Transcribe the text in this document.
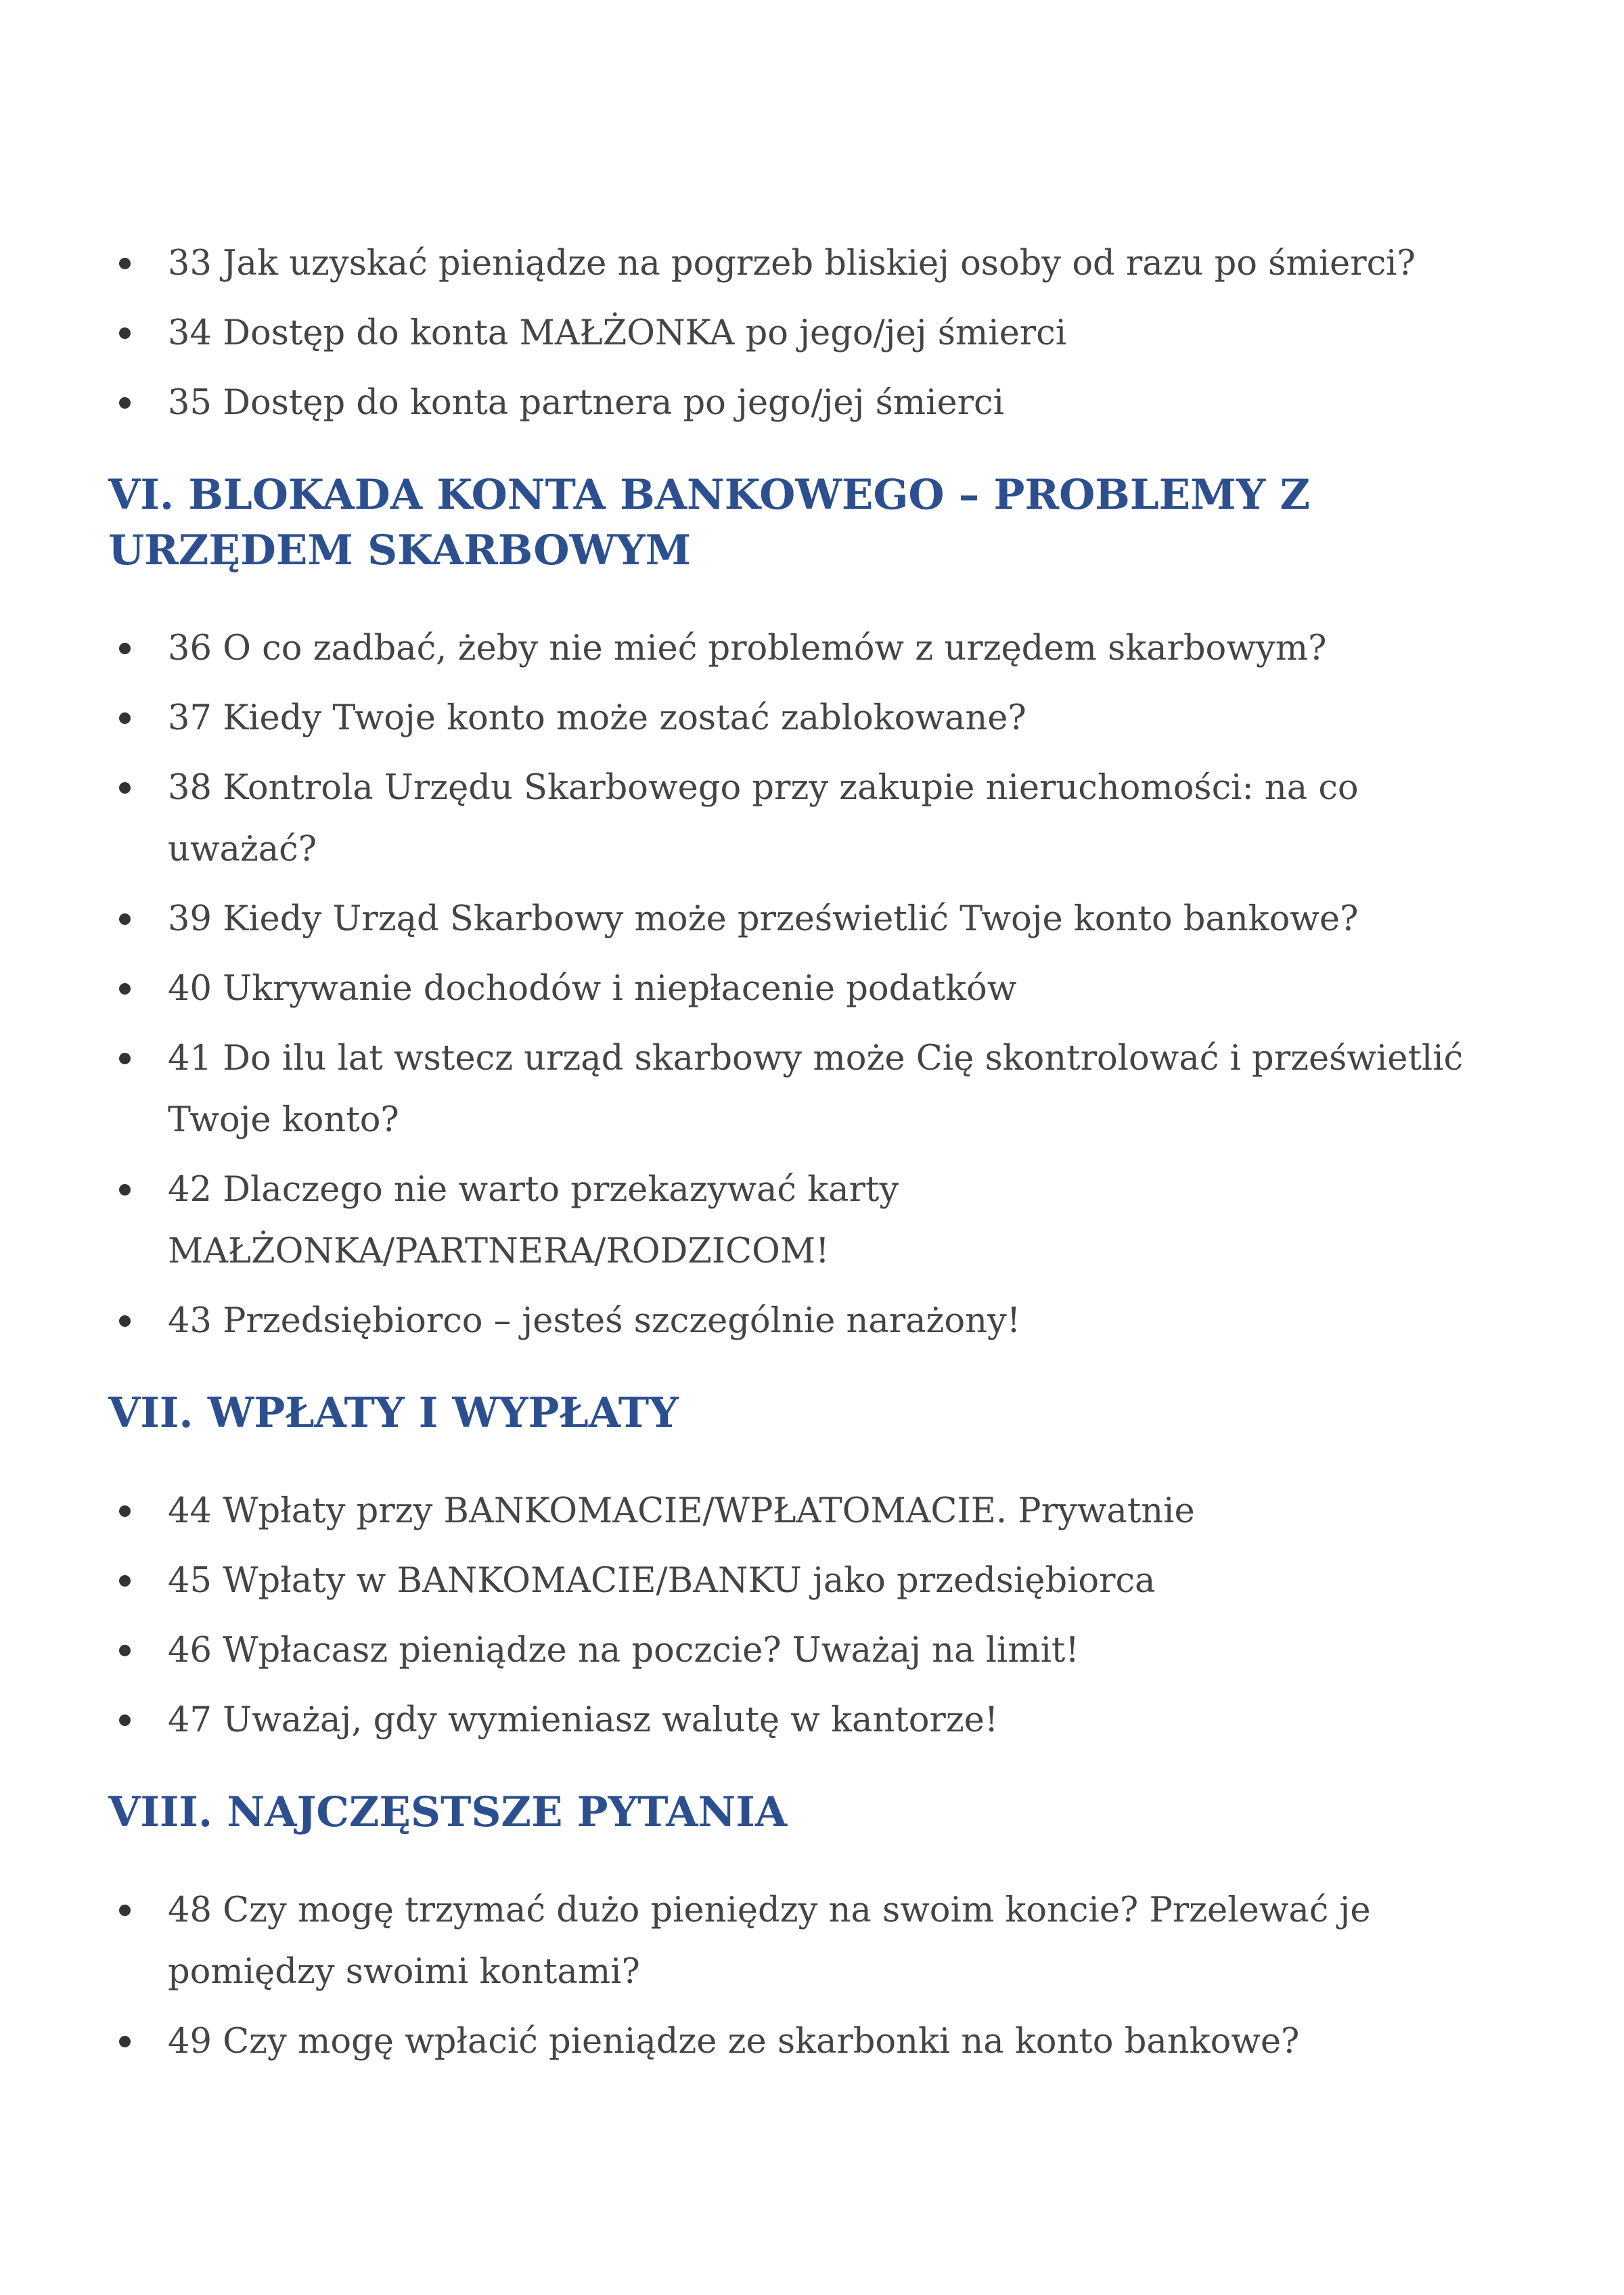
33 Jak uzyskać pieniądze na pogrzeb bliskiej osoby od razu po śmierci?
34 Dostęp do konta MAŁŻONKA po jego/jej śmierci
35 Dostęp do konta partnera po jego/jej śmierci
VI. BLOKADA KONTA BANKOWEGO – PROBLEMY Z URZĘDEM SKARBOWYM
36 O co zadbać, żeby nie mieć problemów z urzędem skarbowym?
37 Kiedy Twoje konto może zostać zablokowane?
38 Kontrola Urzędu Skarbowego przy zakupie nieruchomości: na co uważać?
39 Kiedy Urząd Skarbowy może prześwietlić Twoje konto bankowe?
40 Ukrywanie dochodów i niepłacenie podatków
41 Do ilu lat wstecz urząd skarbowy może Cię skontrolować i prześwietlić Twoje konto?
42 Dlaczego nie warto przekazywać karty MAŁŻONKA/PARTNERA/RODZICOM!
43 Przedsiębiorco – jesteś szczególnie narażony!
VII. WPŁATY I WYPŁATY
44 Wpłaty przy BANKOMACIE/WPŁATOMACIE. Prywatnie
45 Wpłaty w BANKOMACIE/BANKU jako przedsiębiorca
46 Wpłacasz pieniądze na poczcie? Uważaj na limit!
47 Uważaj, gdy wymieniasz walutę w kantorze!
VIII. NAJCZĘSTSZE PYTANIA
48 Czy mogę trzymać dużo pieniędzy na swoim koncie? Przelewać je pomiędzy swoimi kontami?
49 Czy mogę wpłacić pieniądze ze skarbonki na konto bankowe?
